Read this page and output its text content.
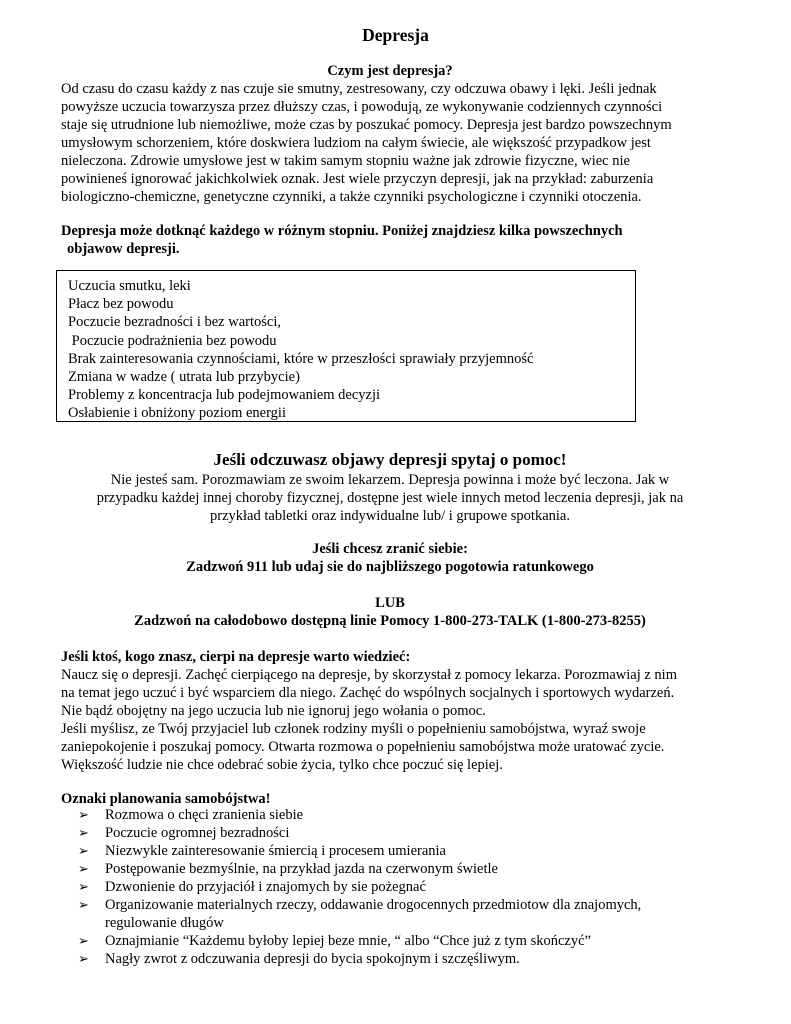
Depresja
Czym jest depresja?

Od czasu do czasu każdy z nas czuje sie smutny, zestresowany, czy odczuwa obawy i lęki. Jeśli jednak

powyższe uczucia towarzysza przez dłuższy czas, i powodują, ze wykonywanie codziennych czynności

staje się utrudnione lub niemożliwe, może czas by poszukać pomocy. Depresja jest bardzo powszechnym

umysłowym schorzeniem, które doskwiera ludziom na całym świecie, ale większość przypadkow jest

nieleczona. Zdrowie umysłowe jest w takim samym stopniu ważne jak zdrowie fizyczne, wiec nie

powinieneś ignorować jakichkolwiek oznak. Jest wiele przyczyn depresji, jak na przykład: zaburzenia

biologiczno-chemiczne, genetyczne czynniki, a także czynniki psychologiczne i czynniki otoczenia.

Depresja może dotknąć każdego w różnym stopniu. Poniżej znajdziesz kilka powszechnych

objawow depresji.

Uczucia smutku, leki

Płacz bez powodu

Poczucie bezradności i bez wartości,

Poczucie podrażnienia bez powodu

Brak zainteresowania czynnościami, które w przeszłości sprawiały przyjemność

Zmiana w wadze ( utrata lub przybycie)

Problemy z koncentracja lub podejmowaniem decyzji

Osłabienie i obniżony poziom energii

Jeśli odczuwasz objawy depresji spytaj o pomoc!

Nie jesteś sam. Porozmawiam ze swoim lekarzem. Depresja powinna i może być leczona. Jak w

przypadku każdej innej choroby fizycznej, dostępne jest wiele innych metod leczenia depresji, jak na

przykład tabletki oraz indywidualne lub/ i grupowe spotkania.

Jeśli chcesz zranić siebie:

Zadzwoń 911 lub udaj sie do najbliższego pogotowia ratunkowego

LUB

Zadzwoń na całodobowo dostępną linie Pomocy 1-800-273-TALK (1-800-273-8255)

Jeśli ktoś, kogo znasz, cierpi na depresje warto wiedzieć:

Naucz się o depresji. Zachęć cierpiącego na depresje, by skorzystał z pomocy lekarza. Porozmawiaj z nim

na temat jego uczuć i być wsparciem dla niego. Zachęć do wspólnych socjalnych i sportowych wydarzeń.

Nie bądź obojętny na jego uczucia lub nie ignoruj jego wołania o pomoc.

Jeśli myślisz, ze Twój przyjaciel lub członek rodziny myśli o popełnieniu samobójstwa, wyraź swoje

zaniepokojenie i poszukaj pomocy. Otwarta rozmowa o popełnieniu samobójstwa może uratować zycie.

Większość ludzie nie chce odebrać sobie życia, tylko chce poczuć się lepiej.

Oznaki planowania samobójstwa!
➢ Rozmowa o chęci zranienia siebie
➢ Poczucie ogromnej bezradności
➢ Niezwykle zainteresowanie śmiercią i procesem umierania
➢ Postępowanie bezmyślnie, na przykład jazda na czerwonym świetle
➢ Dzwonienie do przyjaciół i znajomych by sie pożegnać
➢ Organizowanie materialnych rzeczy, oddawanie drogocennych przedmiotow dla znajomych,
regulowanie długów
➢ Oznajmianie “Każdemu byłoby lepiej beze mnie, “ albo “Chce już z tym skończyć”
➢ Nagły zwrot z odczuwania depresji do bycia spokojnym i szczęśliwym.
